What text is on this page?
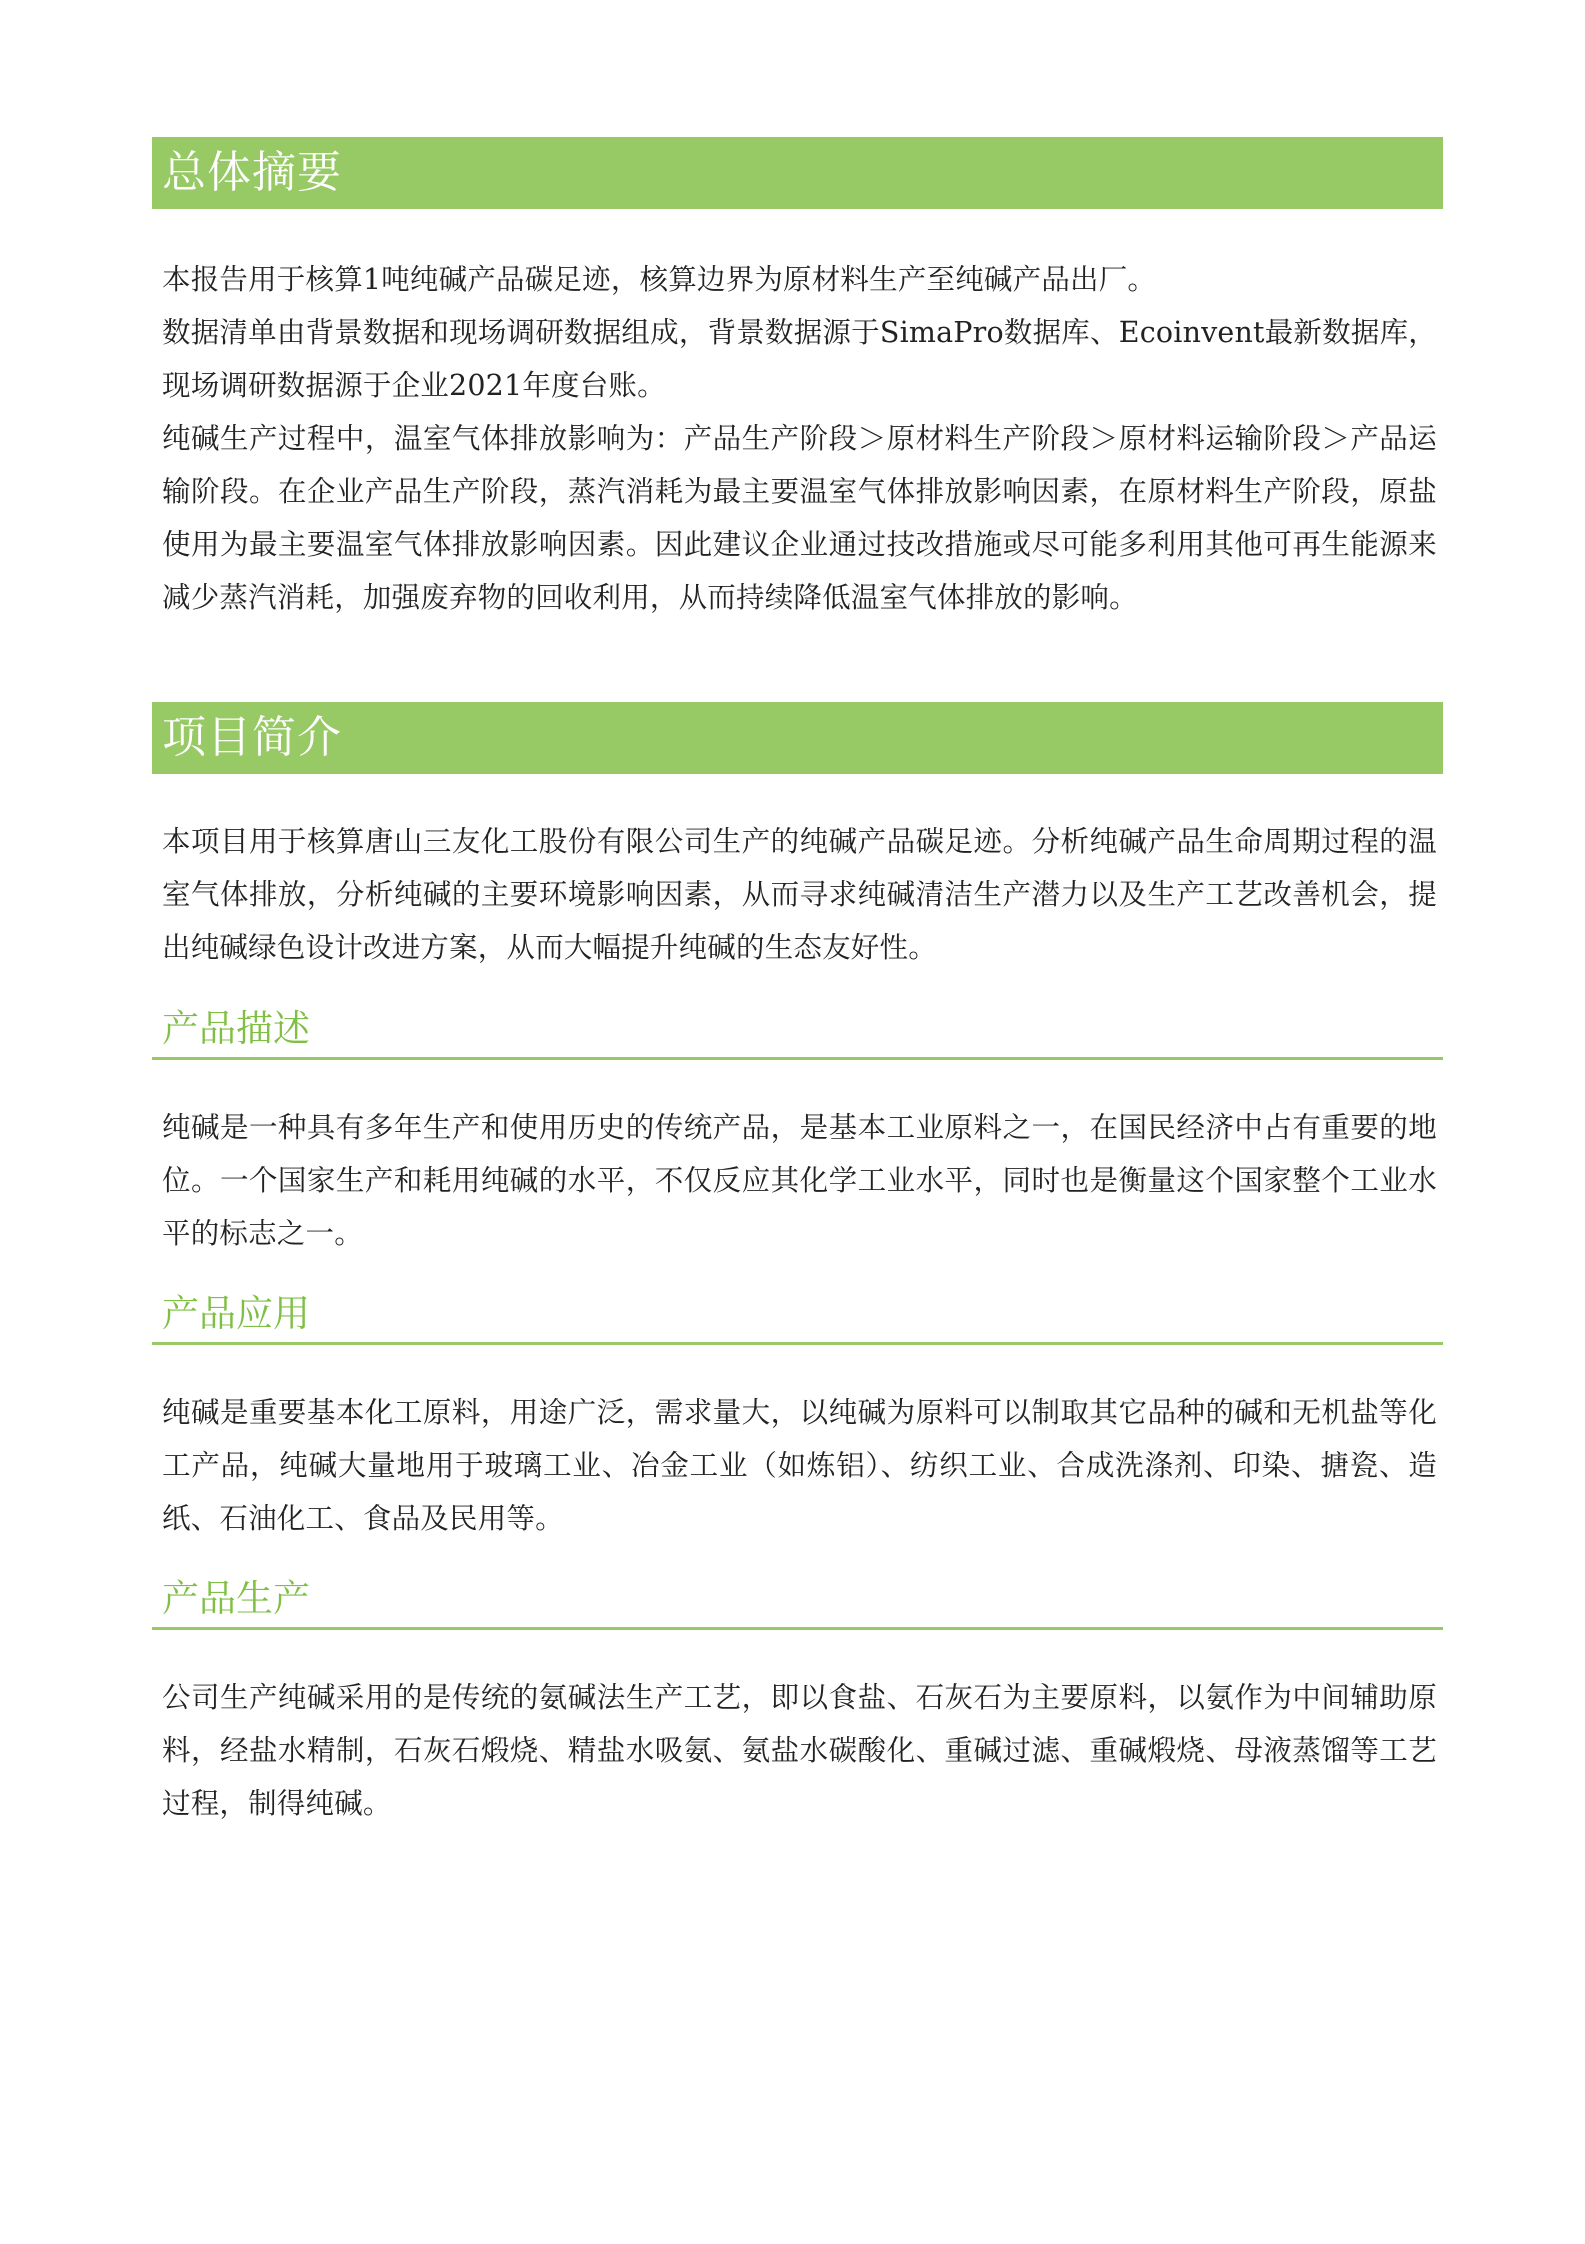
总体摘要

本报告用于核算1吨纯碱产品碳足迹，核算边界为原材料生产至纯碱产品出厂。

数据清单由背景数据和现场调研数据组成，背景数据源于SimaPro数据库、Ecoinvent最新数据库，现场调研数据源于企业2021年度台账。

纯碱生产过程中，温室气体排放影响为：产品生产阶段＞原材料生产阶段＞原材料运输阶段＞产品运输阶段。在企业产品生产阶段，蒸汽消耗为最主要温室气体排放影响因素，在原材料生产阶段，原盐使用为最主要温室气体排放影响因素。因此建议企业通过技改措施或尽可能多利用其他可再生能源来减少蒸汽消耗，加强废弃物的回收利用，从而持续降低温室气体排放的影响。

项目简介

本项目用于核算唐山三友化工股份有限公司生产的纯碱产品碳足迹。分析纯碱产品生命周期过程的温室气体排放，分析纯碱的主要环境影响因素，从而寻求纯碱清洁生产潜力以及生产工艺改善机会，提出纯碱绿色设计改进方案，从而大幅提升纯碱的生态友好性。

产品描述

纯碱是一种具有多年生产和使用历史的传统产品，是基本工业原料之一，在国民经济中占有重要的地位。一个国家生产和耗用纯碱的水平，不仅反应其化学工业水平，同时也是衡量这个国家整个工业水平的标志之一。

产品应用

纯碱是重要基本化工原料，用途广泛，需求量大，以纯碱为原料可以制取其它品种的碱和无机盐等化工产品，纯碱大量地用于玻璃工业、冶金工业（如炼铝）、纺织工业、合成洗涤剂、印染、搪瓷、造纸、石油化工、食品及民用等。

产品生产

公司生产纯碱采用的是传统的氨碱法生产工艺，即以食盐、石灰石为主要原料，以氨作为中间辅助原料，经盐水精制，石灰石煅烧、精盐水吸氨、氨盐水碳酸化、重碱过滤、重碱煅烧、母液蒸馏等工艺过程，制得纯碱。
